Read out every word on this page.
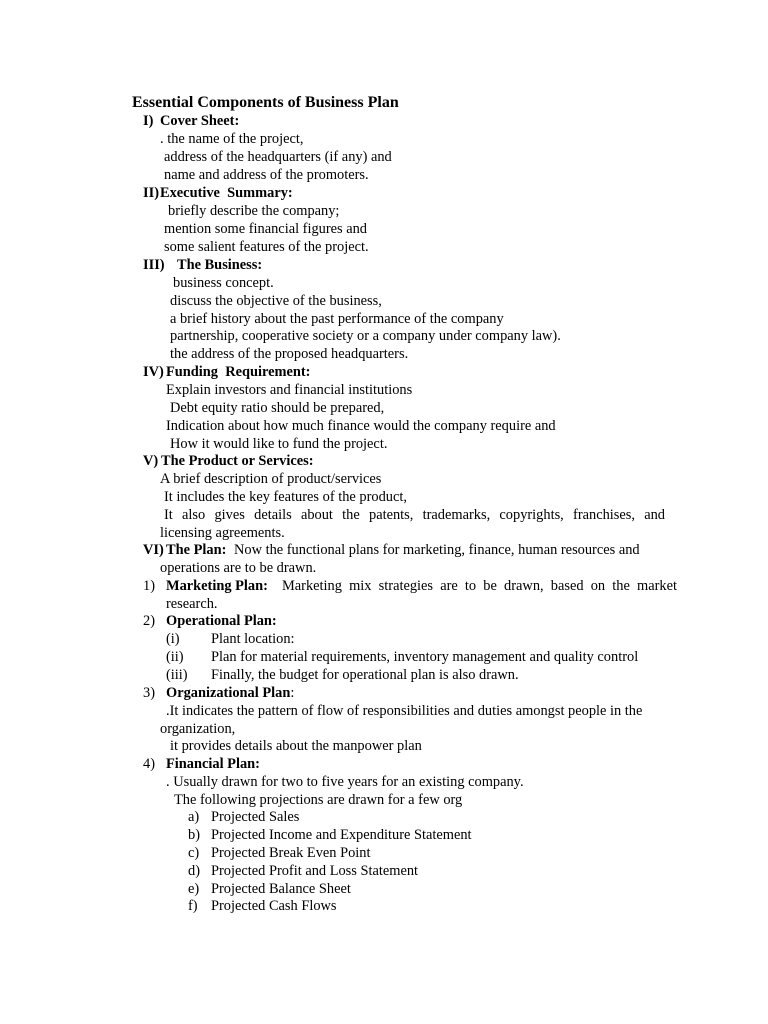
Essential Components of Business Plan
I) Cover Sheet:
. the name of the project,
address of the headquarters (if any) and
name and address of the promoters.
II) Executive  Summary:
briefly describe the company;
mention some financial figures and
some salient features of the project.
III) The Business:
business concept.
discuss the objective of the business,
a brief history about the past performance of the company
partnership, cooperative society or a company under company law).
the address of the proposed headquarters.
IV) Funding  Requirement:
Explain investors and financial institutions
Debt equity ratio should be prepared,
Indication about how much finance would the company require and
How it would like to fund the project.
V) The Product or Services:
A brief description of product/services
It includes the key features of the product,
It also gives details about the patents, trademarks, copyrights, franchises, and
licensing agreements.
VI) The Plan: Now the functional plans for marketing, finance, human resources and
operations are to be drawn.
1) Marketing Plan: Marketing mix strategies are to be drawn, based on the market
research.
2) Operational Plan:
(i) Plant location:
(ii) Plan for material requirements, inventory management and quality control
(iii) Finally, the budget for operational plan is also drawn.
3) Organizational Plan:
.It indicates the pattern of flow of responsibilities and duties amongst people in the
organization,
it provides details about the manpower plan
4) Financial Plan:
. Usually drawn for two to five years for an existing company.
The following projections are drawn for a few org
a) Projected Sales
b) Projected Income and Expenditure Statement
c) Projected Break Even Point
d) Projected Profit and Loss Statement
e) Projected Balance Sheet
f) Projected Cash Flows
